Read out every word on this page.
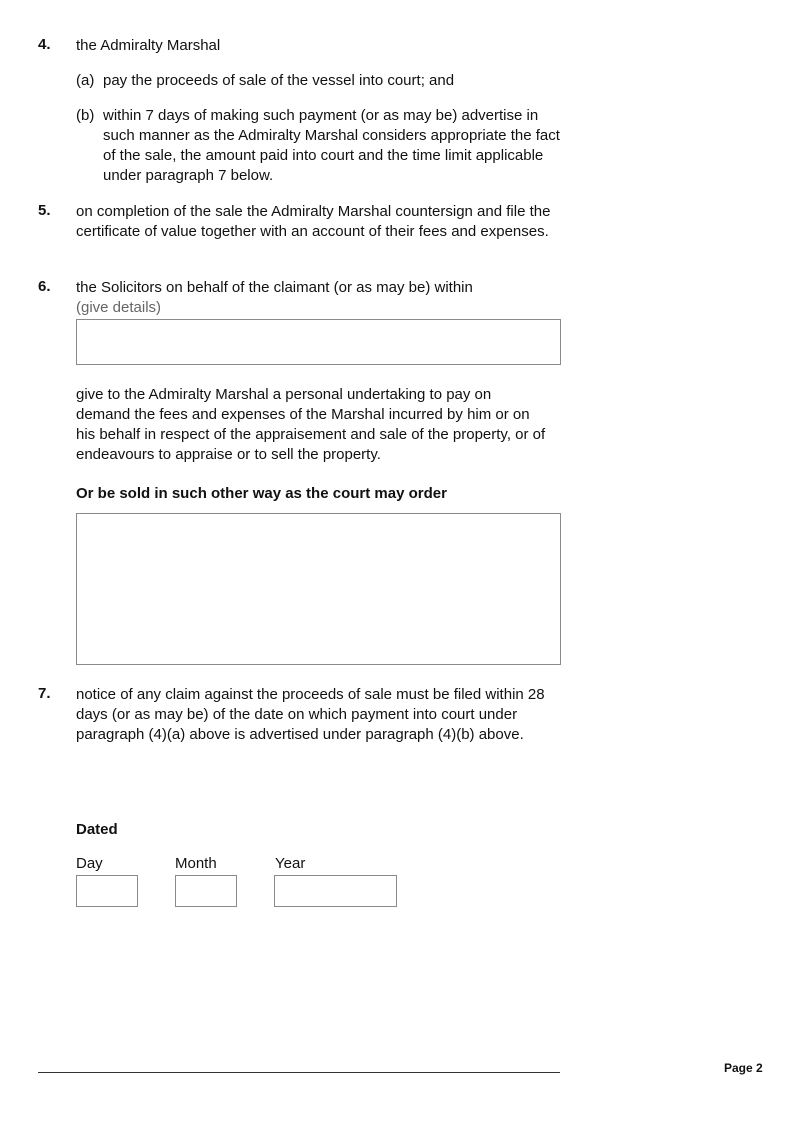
4. the Admiralty Marshal
(a) pay the proceeds of sale of the vessel into court; and
(b) within 7 days of making such payment (or as may be) advertise in such manner as the Admiralty Marshal considers appropriate the fact of the sale, the amount paid into court and the time limit applicable under paragraph 7 below.
5. on completion of the sale the Admiralty Marshal countersign and file the certificate of value together with an account of their fees and expenses.
6. the Solicitors on behalf of the claimant (or as may be) within
(give details)
give to the Admiralty Marshal a personal undertaking to pay on demand the fees and expenses of the Marshal incurred by him or on his behalf in respect of the appraisement and sale of the property, or of endeavours to appraise or to sell the property.
Or be sold in such other way as the court may order
7. notice of any claim against the proceeds of sale must be filed within 28 days (or as may be) of the date on which payment into court under paragraph (4)(a) above is advertised under paragraph (4)(b) above.
Dated
Day	Month	Year
Page 2
